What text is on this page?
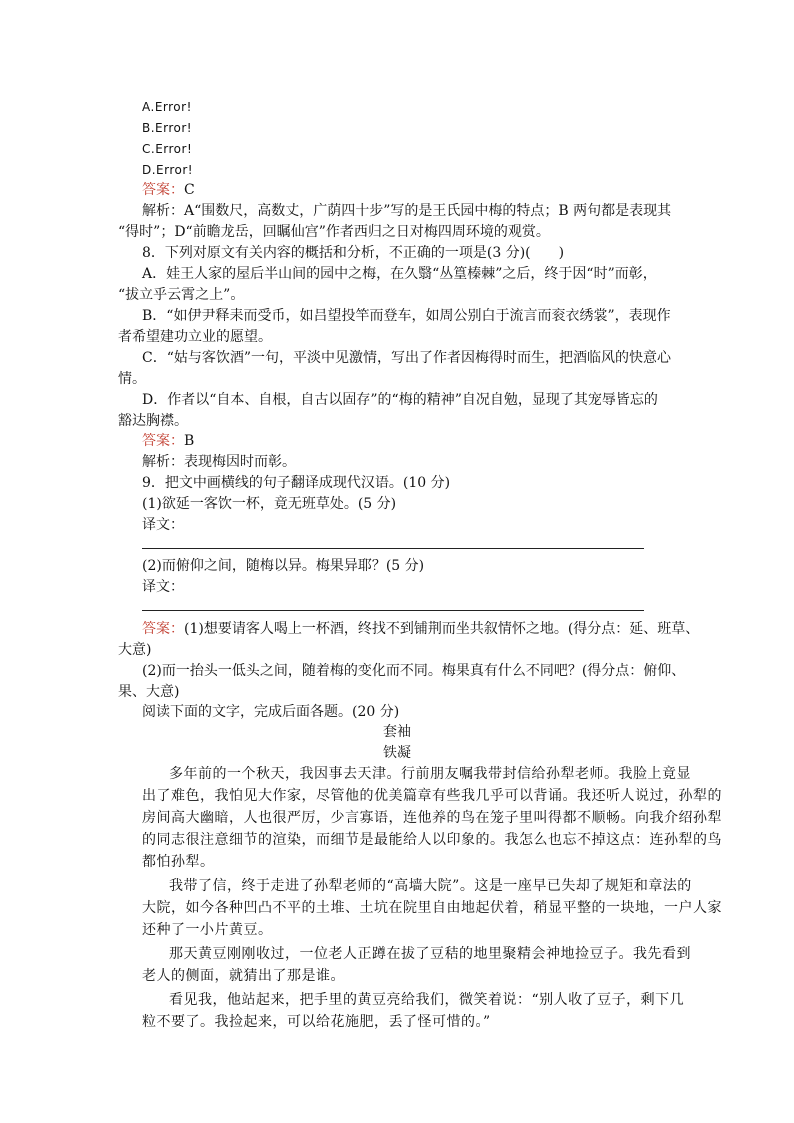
A.Error!
B.Error!
C.Error!
D.Error!
答案：C
解析：A“围数尺，高数丈，广荫四十步”写的是王氏园中梅的特点；B 两句都是表现其
“得时”；D“前瞻龙岳，回瞩仙宫”作者西归之日对梅四周环境的观赏。
8．下列对原文有关内容的概括和分析，不正确的一项是(3 分)(　　)
A．娃王人家的屋后半山间的园中之梅，在久翳“丛篁榛棘”之后，终于因“时”而彰，
“拔立乎云霄之上”。
B．“如伊尹释耒而受币，如吕望投竿而登车，如周公别白于流言而衮衣绣裳”，表现作
者希望建功立业的愿望。
C．“姑与客饮酒”一句，平淡中见激情，写出了作者因梅得时而生，把酒临风的快意心
情。
D．作者以“自本、自根，自古以固存”的“梅的精神”自况自勉，显现了其宠辱皆忘的
豁达胸襟。
答案：B
解析：表现梅因时而彰。
9．把文中画横线的句子翻译成现代汉语。(10 分)
(1)欲延一客饮一杯，竟无班草处。(5 分)
译文：
(2)而俯仰之间，随梅以异。梅果异耶？(5 分)
译文：
答案：(1)想要请客人喝上一杯酒，终找不到铺荆而坐共叙情怀之地。(得分点：延、班草、
大意)
(2)而一抬头一低头之间，随着梅的变化而不同。梅果真有什么不同吧？(得分点：俯仰、
果、大意)
阅读下面的文字，完成后面各题。(20 分)
套袖
铁凝
多年前的一个秋天，我因事去天津。行前朋友嘱我带封信给孙犁老师。我脸上竟显
出了难色，我怕见大作家，尽管他的优美篇章有些我几乎可以背诵。我还听人说过，孙犁的
房间高大幽暗，人也很严厉，少言寡语，连他养的鸟在笼子里叫得都不顺畅。向我介绍孙犁
的同志很注意细节的渲染，而细节是最能给人以印象的。我怎么也忘不掉这点：连孙犁的鸟
都怕孙犁。
我带了信，终于走进了孙犁老师的“高墙大院”。这是一座早已失却了规矩和章法的
大院，如今各种凹凸不平的土堆、土坑在院里自由地起伏着，稍显平整的一块地，一户人家
还种了一小片黄豆。
那天黄豆刚刚收过，一位老人正蹲在拔了豆秸的地里聚精会神地捡豆子。我先看到
老人的侧面，就猜出了那是谁。
看见我，他站起来，把手里的黄豆亮给我们，微笑着说：“别人收了豆子，剩下几
粒不要了。我捡起来，可以给花施肥，丢了怪可惜的。”
